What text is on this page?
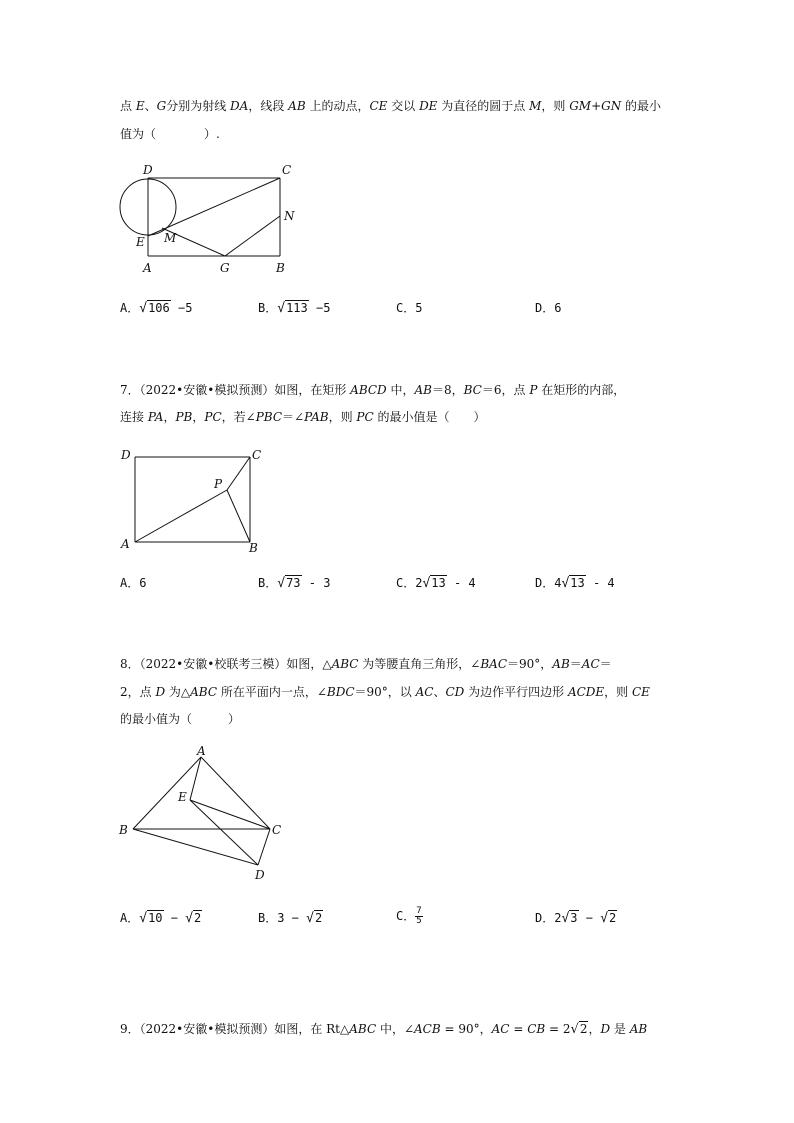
点 E、G分别为射线 DA，线段 AB 上的动点，CE 交以 DE 为直径的圆于点 M，则 GM+GN 的最小
值为（　　　　）.
D	C
N
E M
A	G	B
A．√106 −5	B．√113 −5	C．5	D．6
7．（2022•安徽•模拟预测）如图，在矩形 ABCD 中，AB＝8，BC＝6，点 P 在矩形的内部，
连接 PA，PB，PC，若∠PBC＝∠PAB，则 PC 的最小值是（　　）
D	C
P
A	B
A．6	B．√73 - 3	C．2√13 - 4	D．4√13 - 4
8．（2022•安徽•校联考三模）如图，△ABC 为等腰直角三角形，∠BAC＝90°，AB＝AC＝
2，点 D 为△ABC 所在平面内一点，∠BDC＝90°，以 AC、CD 为边作平行四边形 ACDE，则 CE
的最小值为（　　　）
A
E
B	C
D
A．√10 − √2	B．3 − √2	C． $\frac{7}{5}$	D．2√3 − √2
9．（2022•安徽•模拟预测）如图，在 Rt△ABC 中，∠ACB = 90°，AC = CB = 2√2，D 是 AB
